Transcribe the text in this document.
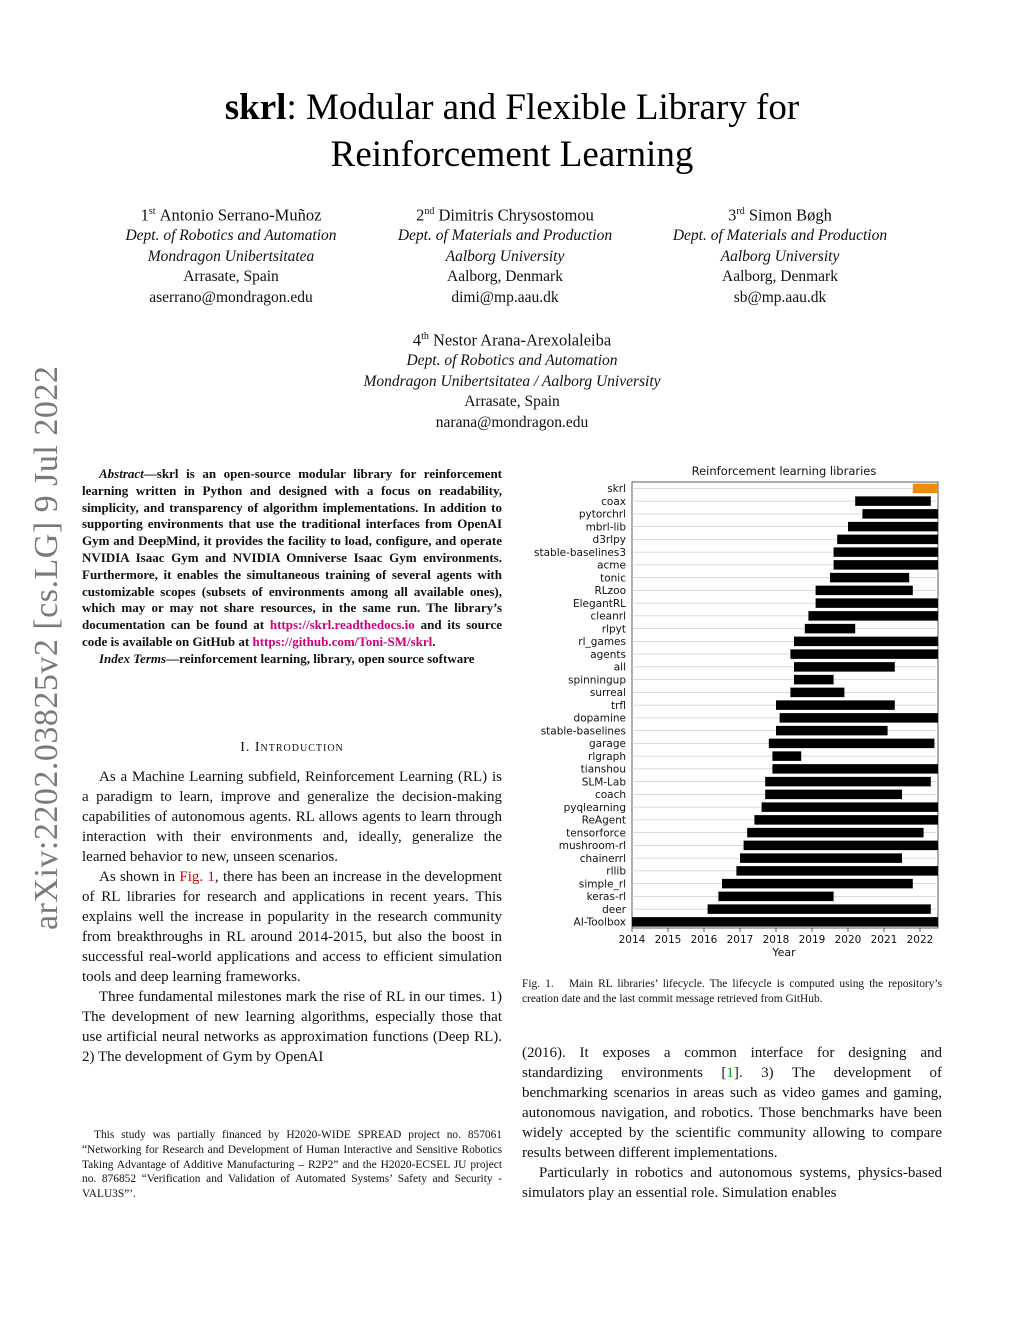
arXiv:2202.03825v2 [cs.LG] 9 Jul 2022
skrl: Modular and Flexible Library for
Reinforcement Learning
1st Antonio Serrano-Muñoz
Dept. of Robotics and Automation
Mondragon Unibertsitatea
Arrasate, Spain
aserrano@mondragon.edu
2nd Dimitris Chrysostomou
Dept. of Materials and Production
Aalborg University
Aalborg, Denmark
dimi@mp.aau.dk
3rd Simon Bøgh
Dept. of Materials and Production
Aalborg University
Aalborg, Denmark
sb@mp.aau.dk
4th Nestor Arana-Arexolaleiba
Dept. of Robotics and Automation
Mondragon Unibertsitatea / Aalborg University
Arrasate, Spain
narana@mondragon.edu
Abstract—skrl is an open-source modular library for reinforcement learning written in Python and designed with a focus on readability, simplicity, and transparency of algorithm implementations. In addition to supporting environments that use the traditional interfaces from OpenAI Gym and DeepMind, it provides the facility to load, configure, and operate NVIDIA Isaac Gym and NVIDIA Omniverse Isaac Gym environments. Furthermore, it enables the simultaneous training of several agents with customizable scopes (subsets of environments among all available ones), which may or may not share resources, in the same run. The library’s documentation can be found at https://skrl.readthedocs.io and its source code is available on GitHub at https://github.com/Toni-SM/skrl.
Index Terms—reinforcement learning, library, open source software
I. Introduction

As a Machine Learning subfield, Reinforcement Learning (RL) is a paradigm to learn, improve and generalize the decision-making capabilities of autonomous agents. RL allows agents to learn through interaction with their environments and, ideally, generalize the learned behavior to new, unseen scenarios.

As shown in Fig. 1, there has been an increase in the development of RL libraries for research and applications in recent years. This explains well the increase in popularity in the research community from breakthroughs in RL around 2014-2015, but also the boost in successful real-world applications and access to efficient simulation tools and deep learning frameworks.

Three fundamental milestones mark the rise of RL in our times. 1) The development of new learning algorithms, especially those that use artificial neural networks as approximation functions (Deep RL). 2) The development of Gym by OpenAI

This study was partially financed by H2020-WIDE SPREAD project no. 857061 “Networking for Research and Development of Human Interactive and Sensitive Robotics Taking Advantage of Additive Manufacturing – R2P2” and the H2020-ECSEL JU project no. 876852 “Verification and Validation of Automated Systems’ Safety and Security - VALU3S”’.

Reinforcement learning libraries
skrl
coax
pytorchrl
mbrl-lib
d3rlpy
stable-baselines3
acme
tonic
RLzoo
ElegantRL
cleanrl
rlpyt
rl_games
agents
all
spinningup
surreal
trfl
dopamine
stable-baselines
garage
rlgraph
tianshou
SLM-Lab
coach
pyqlearning
ReAgent
tensorforce
mushroom-rl
chainerrl
rllib
simple_rl
keras-rl
deer
AI-Toolbox
2014 2015 2016 2017 2018 2019 2020 2021 2022
Year
Fig. 1. Main RL libraries’ lifecycle. The lifecycle is computed using the repository’s creation date and the last commit message retrieved from GitHub.

(2016). It exposes a common interface for designing and standardizing environments [1]. 3) The development of benchmarking scenarios in areas such as video games and gaming, autonomous navigation, and robotics. Those benchmarks have been widely accepted by the scientific community allowing to compare results between different implementations.

Particularly in robotics and autonomous systems, physics-based simulators play an essential role. Simulation enables
